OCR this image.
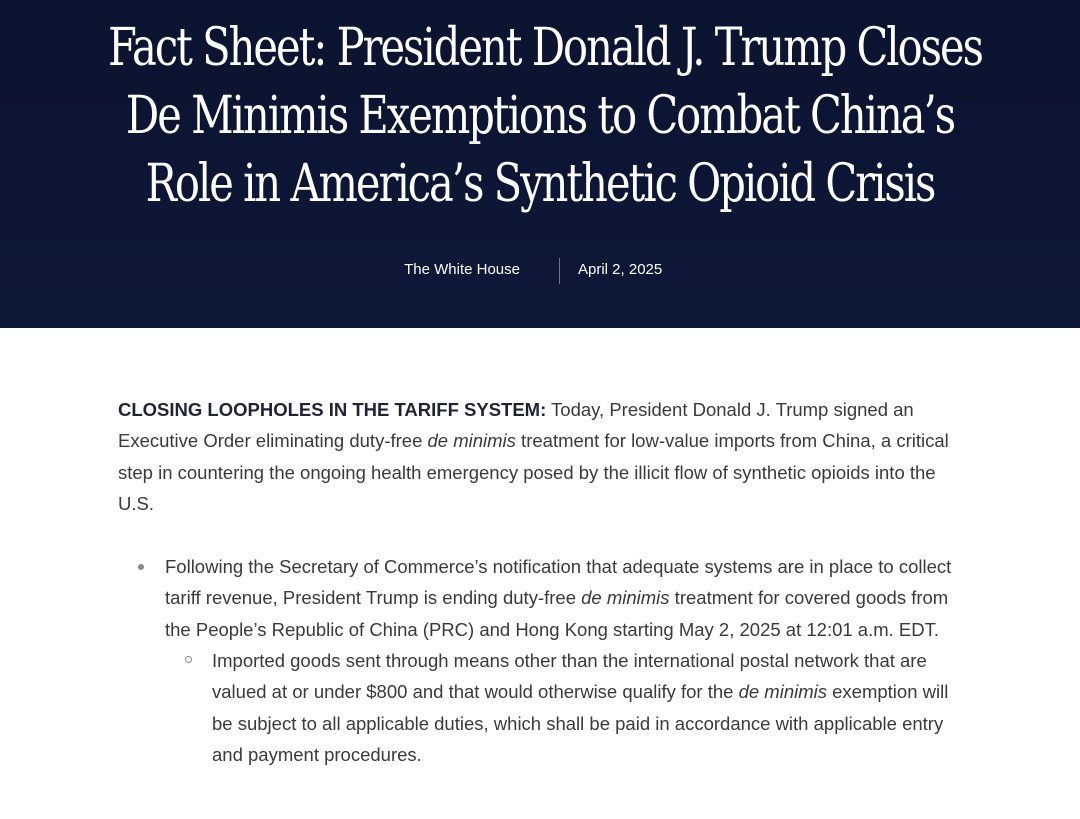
Fact Sheet: President Donald J. Trump Closes
De Minimis Exemptions to Combat China’s
Role in America’s Synthetic Opioid Crisis
The White House	April 2, 2025

CLOSING LOOPHOLES IN THE TARIFF SYSTEM: Today, President Donald J. Trump signed an Executive Order eliminating duty-free de minimis treatment for low-value imports from China, a critical step in countering the ongoing health emergency posed by the illicit flow of synthetic opioids into the U.S.

Following the Secretary of Commerce’s notification that adequate systems are in place to collect tariff revenue, President Trump is ending duty-free de minimis treatment for covered goods from the People’s Republic of China (PRC) and Hong Kong starting May 2, 2025 at 12:01 a.m. EDT.
Imported goods sent through means other than the international postal network that are valued at or under $800 and that would otherwise qualify for the de minimis exemption will be subject to all applicable duties, which shall be paid in accordance with applicable entry and payment procedures.
